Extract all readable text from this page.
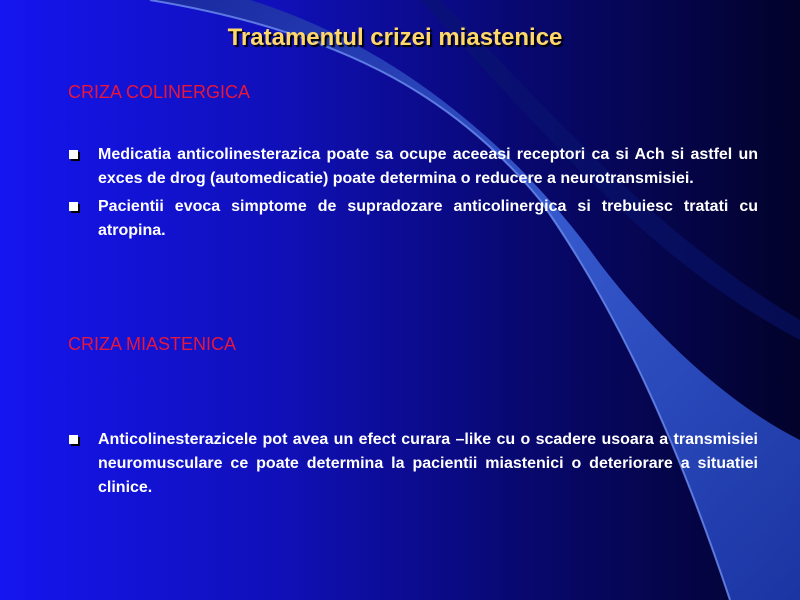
Tratamentul crizei miastenice
CRIZA COLINERGICA
Medicatia anticolinesterazica poate sa ocupe aceeasi receptori ca si Ach si astfel un exces de drog (automedicatie) poate determina o reducere a neurotransmisiei.
Pacientii evoca simptome de supradozare anticolinergica si trebuiesc tratati cu atropina.
CRIZA MIASTENICA
Anticolinesterazicele pot avea un efect curara –like cu o scadere usoara a transmisiei neuromusculare ce poate determina la pacientii miastenici o deteriorare a situatiei clinice.
